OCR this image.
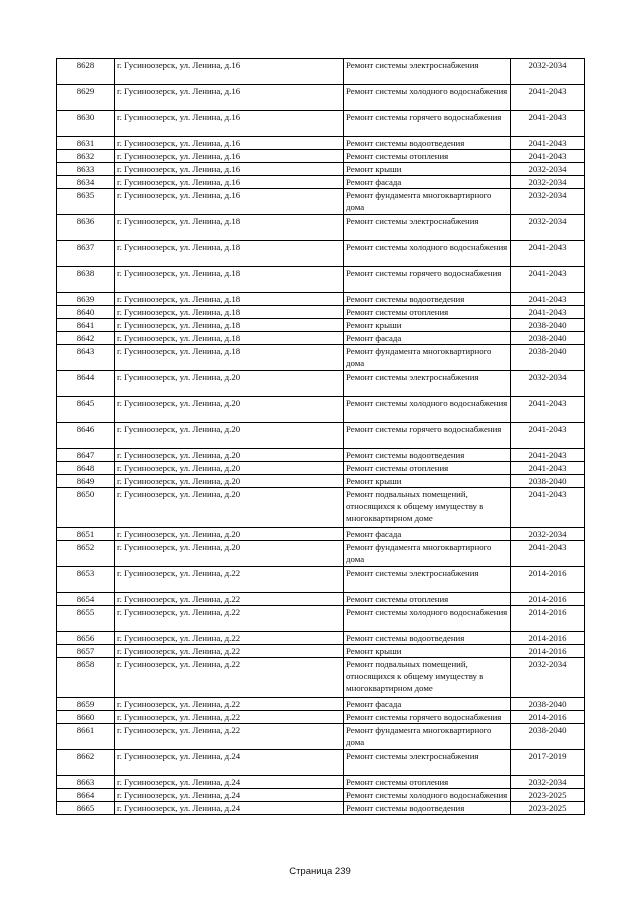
8628	г. Гусиноозерск, ул. Ленина, д.16	Ремонт системы электроснабжения	2032-2034
8629	г. Гусиноозерск, ул. Ленина, д.16	Ремонт системы холодного водоснабжения	2041-2043
8630	г. Гусиноозерск, ул. Ленина, д.16	Ремонт системы горячего водоснабжения	2041-2043
8631	г. Гусиноозерск, ул. Ленина, д.16	Ремонт системы водоотведения	2041-2043
8632	г. Гусиноозерск, ул. Ленина, д.16	Ремонт системы отопления	2041-2043
8633	г. Гусиноозерск, ул. Ленина, д.16	Ремонт крыши	2032-2034
8634	г. Гусиноозерск, ул. Ленина, д.16	Ремонт фасада	2032-2034
8635	г. Гусиноозерск, ул. Ленина, д.16	Ремонт фундамента многоквартирного дома	2032-2034
8636	г. Гусиноозерск, ул. Ленина, д.18	Ремонт системы электроснабжения	2032-2034
8637	г. Гусиноозерск, ул. Ленина, д.18	Ремонт системы холодного водоснабжения	2041-2043
8638	г. Гусиноозерск, ул. Ленина, д.18	Ремонт системы горячего водоснабжения	2041-2043
8639	г. Гусиноозерск, ул. Ленина, д.18	Ремонт системы водоотведения	2041-2043
8640	г. Гусиноозерск, ул. Ленина, д.18	Ремонт системы отопления	2041-2043
8641	г. Гусиноозерск, ул. Ленина, д.18	Ремонт крыши	2038-2040
8642	г. Гусиноозерск, ул. Ленина, д.18	Ремонт фасада	2038-2040
8643	г. Гусиноозерск, ул. Ленина, д.18	Ремонт фундамента многоквартирного дома	2038-2040
8644	г. Гусиноозерск, ул. Ленина, д.20	Ремонт системы электроснабжения	2032-2034
8645	г. Гусиноозерск, ул. Ленина, д.20	Ремонт системы холодного водоснабжения	2041-2043
8646	г. Гусиноозерск, ул. Ленина, д.20	Ремонт системы горячего водоснабжения	2041-2043
8647	г. Гусиноозерск, ул. Ленина, д.20	Ремонт системы водоотведения	2041-2043
8648	г. Гусиноозерск, ул. Ленина, д.20	Ремонт системы отопления	2041-2043
8649	г. Гусиноозерск, ул. Ленина, д.20	Ремонт крыши	2038-2040
8650	г. Гусиноозерск, ул. Ленина, д.20	Ремонт подвальных помещений, относящихся к общему имуществу в многоквартирном доме	2041-2043
8651	г. Гусиноозерск, ул. Ленина, д.20	Ремонт фасада	2032-2034
8652	г. Гусиноозерск, ул. Ленина, д.20	Ремонт фундамента многоквартирного дома	2041-2043
8653	г. Гусиноозерск, ул. Ленина, д.22	Ремонт системы электроснабжения	2014-2016
8654	г. Гусиноозерск, ул. Ленина, д.22	Ремонт системы отопления	2014-2016
8655	г. Гусиноозерск, ул. Ленина, д.22	Ремонт системы холодного водоснабжения	2014-2016
8656	г. Гусиноозерск, ул. Ленина, д.22	Ремонт системы водоотведения	2014-2016
8657	г. Гусиноозерск, ул. Ленина, д.22	Ремонт крыши	2014-2016
8658	г. Гусиноозерск, ул. Ленина, д.22	Ремонт подвальных помещений, относящихся к общему имуществу в многоквартирном доме	2032-2034
8659	г. Гусиноозерск, ул. Ленина, д.22	Ремонт фасада	2038-2040
8660	г. Гусиноозерск, ул. Ленина, д.22	Ремонт системы горячего водоснабжения	2014-2016
8661	г. Гусиноозерск, ул. Ленина, д.22	Ремонт фундамента многоквартирного дома	2038-2040
8662	г. Гусиноозерск, ул. Ленина, д.24	Ремонт системы электроснабжения	2017-2019
8663	г. Гусиноозерск, ул. Ленина, д.24	Ремонт системы отопления	2032-2034
8664	г. Гусиноозерск, ул. Ленина, д.24	Ремонт системы холодного водоснабжения	2023-2025
8665	г. Гусиноозерск, ул. Ленина, д.24	Ремонт системы водоотведения	2023-2025
Страница 239
